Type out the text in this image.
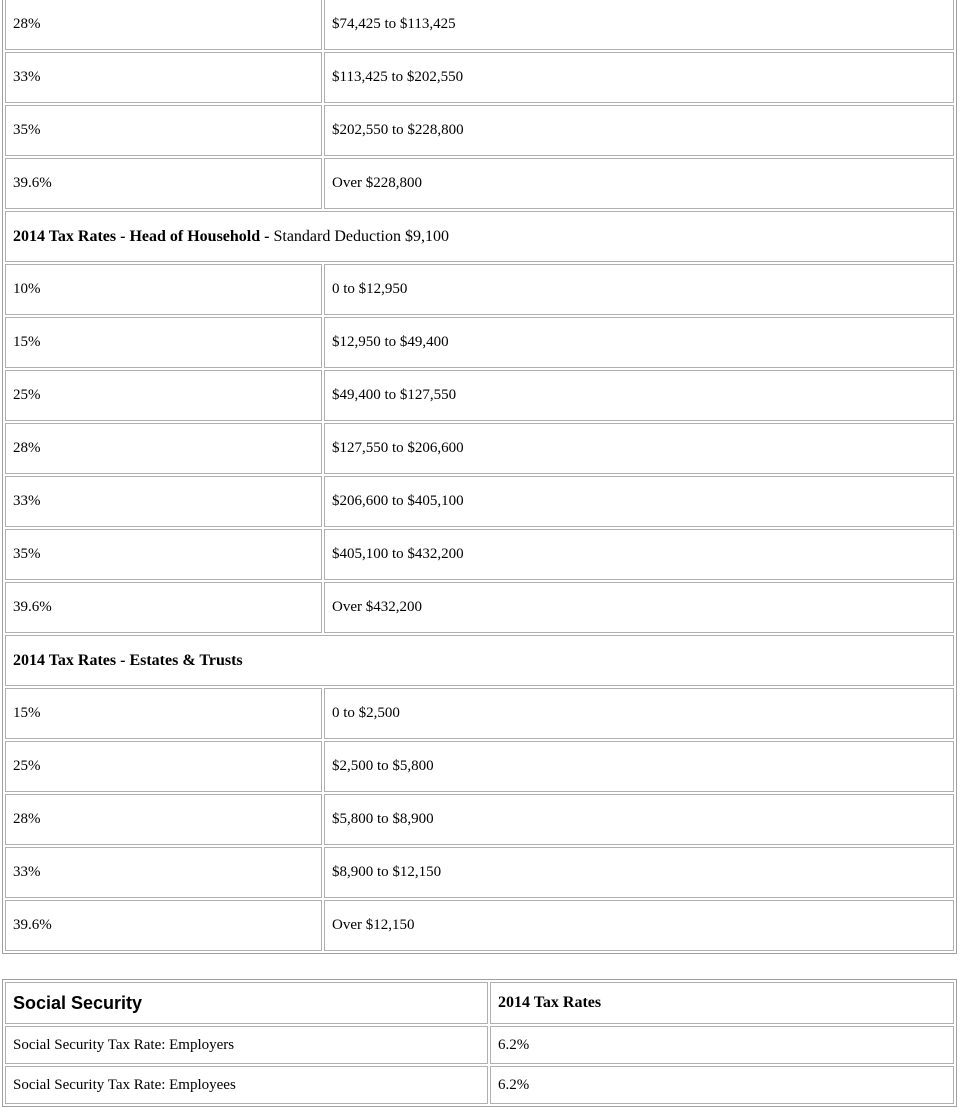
28%	$74,425 to $113,425
33%	$113,425 to $202,550
35%	$202,550 to $228,800
39.6%	Over $228,800
2014 Tax Rates - Head of Household - Standard Deduction $9,100	
10%	0 to $12,950
15%	$12,950 to $49,400
25%	$49,400 to $127,550
28%	$127,550 to $206,600
33%	$206,600 to $405,100
35%	$405,100 to $432,200
39.6%	Over $432,200
2014 Tax Rates - Estates & Trusts	
15%	0 to $2,500
25%	$2,500 to $5,800
28%	$5,800 to $8,900
33%	$8,900 to $12,150
39.6%	Over $12,150
Social Security	2014 Tax Rates
Social Security Tax Rate: Employers	6.2%
Social Security Tax Rate: Employees	6.2%
